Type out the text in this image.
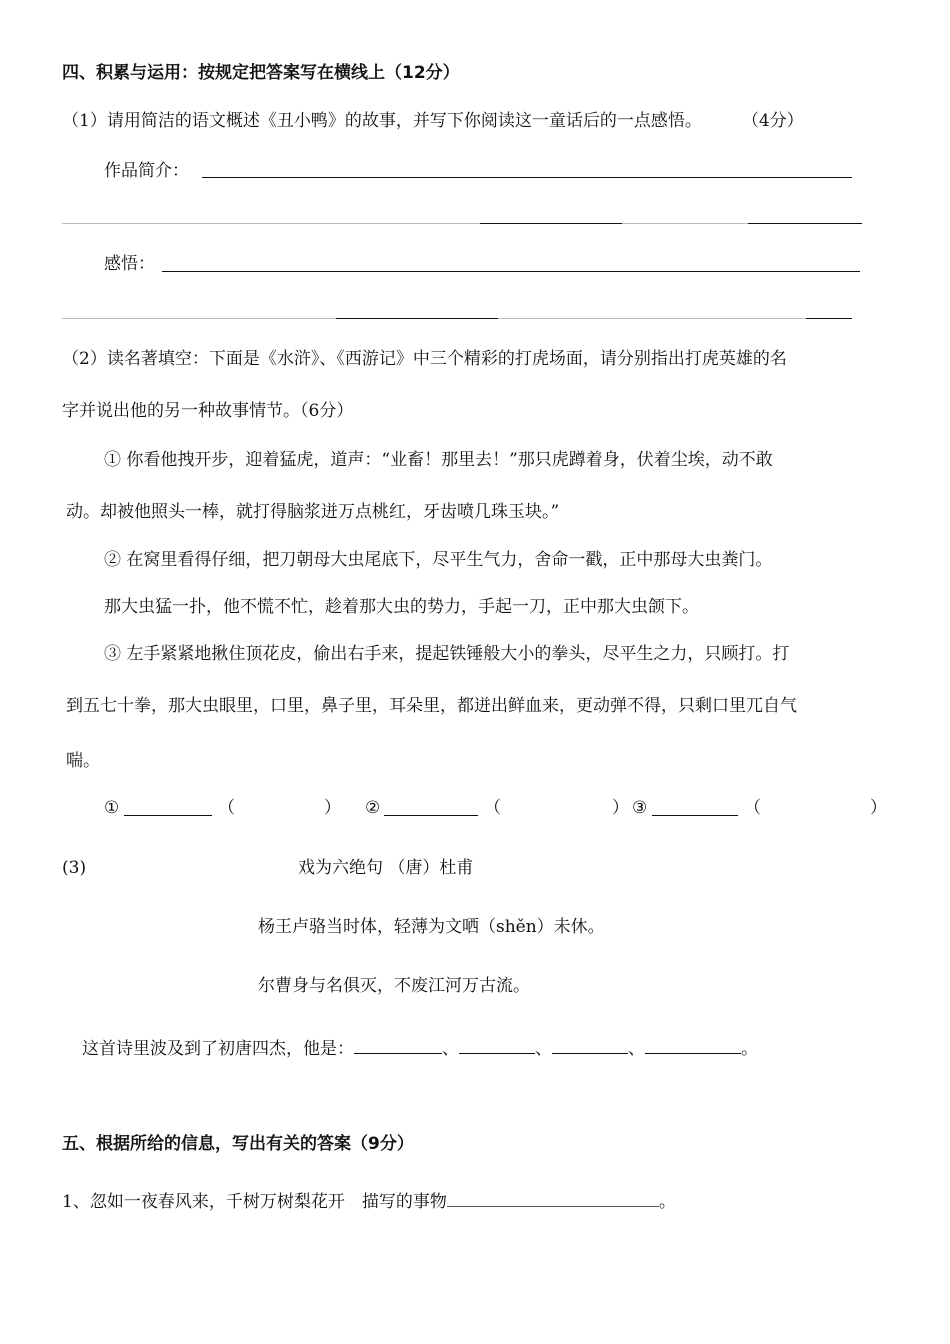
四、积累与运用：按规定把答案写在横线上（12分）
（1）请用简洁的语文概述《丑小鸭》的故事，并写下你阅读这一童话后的一点感悟。 （4分）
作品简介：
感悟：
（2）读名著填空：下面是《水浒》、《西游记》中三个精彩的打虎场面，请分别指出打虎英雄的名
字并说出他的另一种故事情节。（6分）
① 你看他拽开步，迎着猛虎，道声：“业畜！那里去！”那只虎蹲着身，伏着尘埃，动不敢
动。却被他照头一棒，就打得脑浆迸万点桃红，牙齿喷几珠玉块。”
② 在窝里看得仔细，把刀朝母大虫尾底下，尽平生气力，舍命一戳，正中那母大虫粪门。
那大虫猛一扑，他不慌不忙，趁着那大虫的势力，手起一刀，正中那大虫颌下。
③ 左手紧紧地揪住顶花皮，偷出右手来，提起铁锤般大小的拳头，尽平生之力，只顾打。打
到五七十拳，那大虫眼里，口里，鼻子里，耳朵里，都迸出鲜血来，更动弹不得，只剩口里兀自气
喘。
①	（	） ②	（	） ③	（	）
(3)	戏为六绝句 （唐）杜甫
杨王卢骆当时体，轻薄为文哂（shěn）未休。
尔曹身与名俱灭，不废江河万古流。
这首诗里波及到了初唐四杰，他是：	、	、	、	。
五、根据所给的信息，写出有关的答案（9分）
1、忽如一夜春风来，千树万树梨花开　描写的事物	。
